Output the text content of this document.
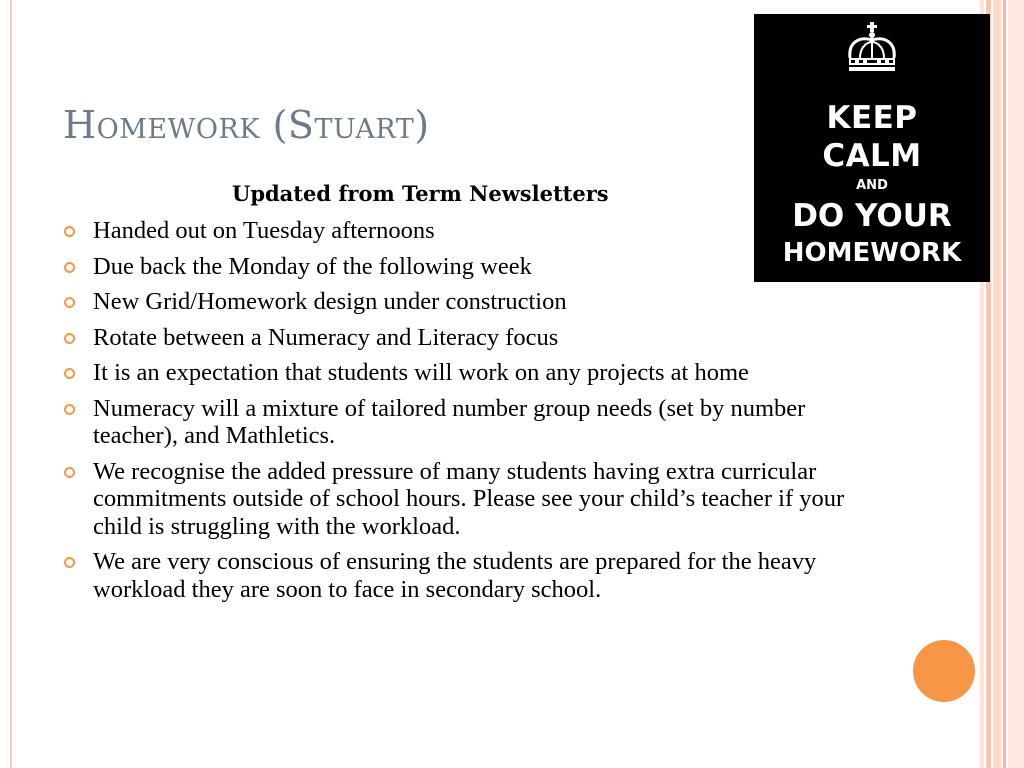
Homework (Stuart)	KEEP
CALM
AND
DO YOUR
HOMEWORK
Updated from Term Newsletters
Handed out on Tuesday afternoons
Due back the Monday of the following week
New Grid/Homework design under construction
Rotate between a Numeracy and Literacy focus
It is an expectation that students will work on any projects at home
Numeracy will a mixture of tailored number group needs (set by number teacher), and Mathletics.
We recognise the added pressure of many students having extra curricular commitments outside of school hours. Please see your child’s teacher if your child is struggling with the workload.
We are very conscious of ensuring the students are prepared for the heavy workload they are soon to face in secondary school.
